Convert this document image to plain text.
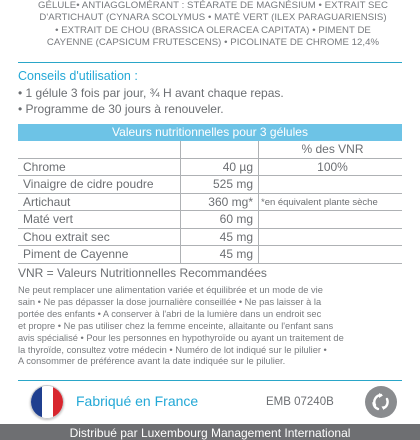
GÉLULE• ANTIAGGLOMÉRANT : STÉARATE DE MAGNÉSIUM • EXTRAIT SEC
D'ARTICHAUT (CYNARA SCOLYMUS • MATÉ VERT (ILEX PARAGUARIENSIS)
• EXTRAIT DE CHOU (BRASSICA OLERACEA CAPITATA) • PIMENT DE
CAYENNE (CAPSICUM FRUTESCENS) • PICOLINATE DE CHROME 12,4%
Conseils d'utilisation :
• 1 gélule 3 fois par jour, ¾ H avant chaque repas.
• Programme de 30 jours à renouveler.
Valeurs nutritionnelles pour 3 gélules
% des VNR
Chrome	40 µg	100%
Vinaigre de cidre poudre	525 mg
Artichaut	360 mg* *en équivalent plante sèche
Maté vert	60 mg
Chou extrait sec	45 mg
Piment de Cayenne	45 mg
VNR = Valeurs Nutritionnelles Recommandées
Ne peut remplacer une alimentation variée et équilibrée et un mode de vie
sain • Ne pas dépasser la dose journalière conseillée • Ne pas laisser à la
portée des enfants • A conserver à l'abri de la lumière dans un endroit sec
et propre • Ne pas utiliser chez la femme enceinte, allaitante ou l'enfant sans
avis spécialisé • Pour les personnes en hypothyroïde ou ayant un traitement de
la thyroïde, consultez votre médecin • Numéro de lot indiqué sur le pilulier •
A consommer de préférence avant la date indiquée sur le pilulier.
Fabriqué en France	EMB 07240B
Distribué par Luxembourg Management International
